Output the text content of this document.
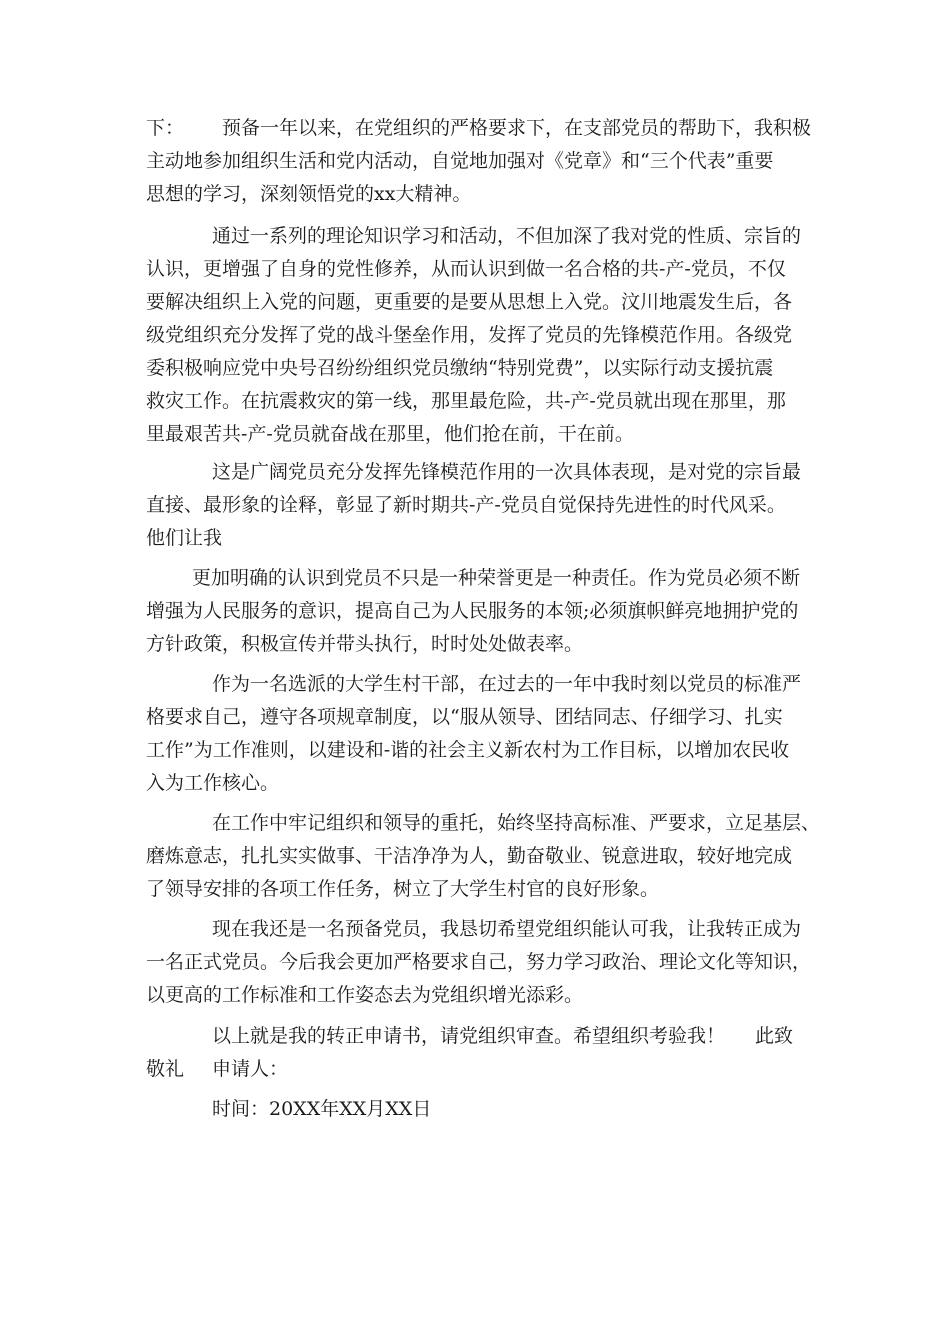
下： 预备一年以来，在党组织的严格要求下，在支部党员的帮助下，我积极
主动地参加组织生活和党内活动，自觉地加强对《党章》和“三个代表”重要
思想的学习，深刻领悟党的xx大精神。
通过一系列的理论知识学习和活动，不但加深了我对党的性质、宗旨的
认识，更增强了自身的党性修养，从而认识到做一名合格的共-产-党员，不仅
要解决组织上入党的问题，更重要的是要从思想上入党。汶川地震发生后，各
级党组织充分发挥了党的战斗堡垒作用，发挥了党员的先锋模范作用。各级党
委积极响应党中央号召纷纷组织党员缴纳“特别党费”，以实际行动支援抗震
救灾工作。在抗震救灾的第一线，那里最危险，共-产-党员就出现在那里，那
里最艰苦共-产-党员就奋战在那里，他们抢在前，干在前。
这是广阔党员充分发挥先锋模范作用的一次具体表现，是对党的宗旨最
直接、最形象的诠释，彰显了新时期共-产-党员自觉保持先进性的时代风采。
他们让我
更加明确的认识到党员不只是一种荣誉更是一种责任。作为党员必须不断
增强为人民服务的意识，提高自己为人民服务的本领;必须旗帜鲜亮地拥护党的
方针政策，积极宣传并带头执行，时时处处做表率。
作为一名选派的大学生村干部，在过去的一年中我时刻以党员的标准严
格要求自己，遵守各项规章制度，以“服从领导、团结同志、仔细学习、扎实
工作”为工作准则，以建设和-谐的社会主义新农村为工作目标，以增加农民收
入为工作核心。
在工作中牢记组织和领导的重托，始终坚持高标准、严要求，立足基层、
磨炼意志，扎扎实实做事、干洁净净为人，勤奋敬业、锐意进取，较好地完成
了领导安排的各项工作任务，树立了大学生村官的良好形象。
现在我还是一名预备党员，我恳切希望党组织能认可我，让我转正成为
一名正式党员。今后我会更加严格要求自己，努力学习政治、理论文化等知识，
以更高的工作标准和工作姿态去为党组织增光添彩。
以上就是我的转正申请书，请党组织审查。希望组织考验我！ 此致
敬礼 申请人：
时间：20XX年XX月XX日
